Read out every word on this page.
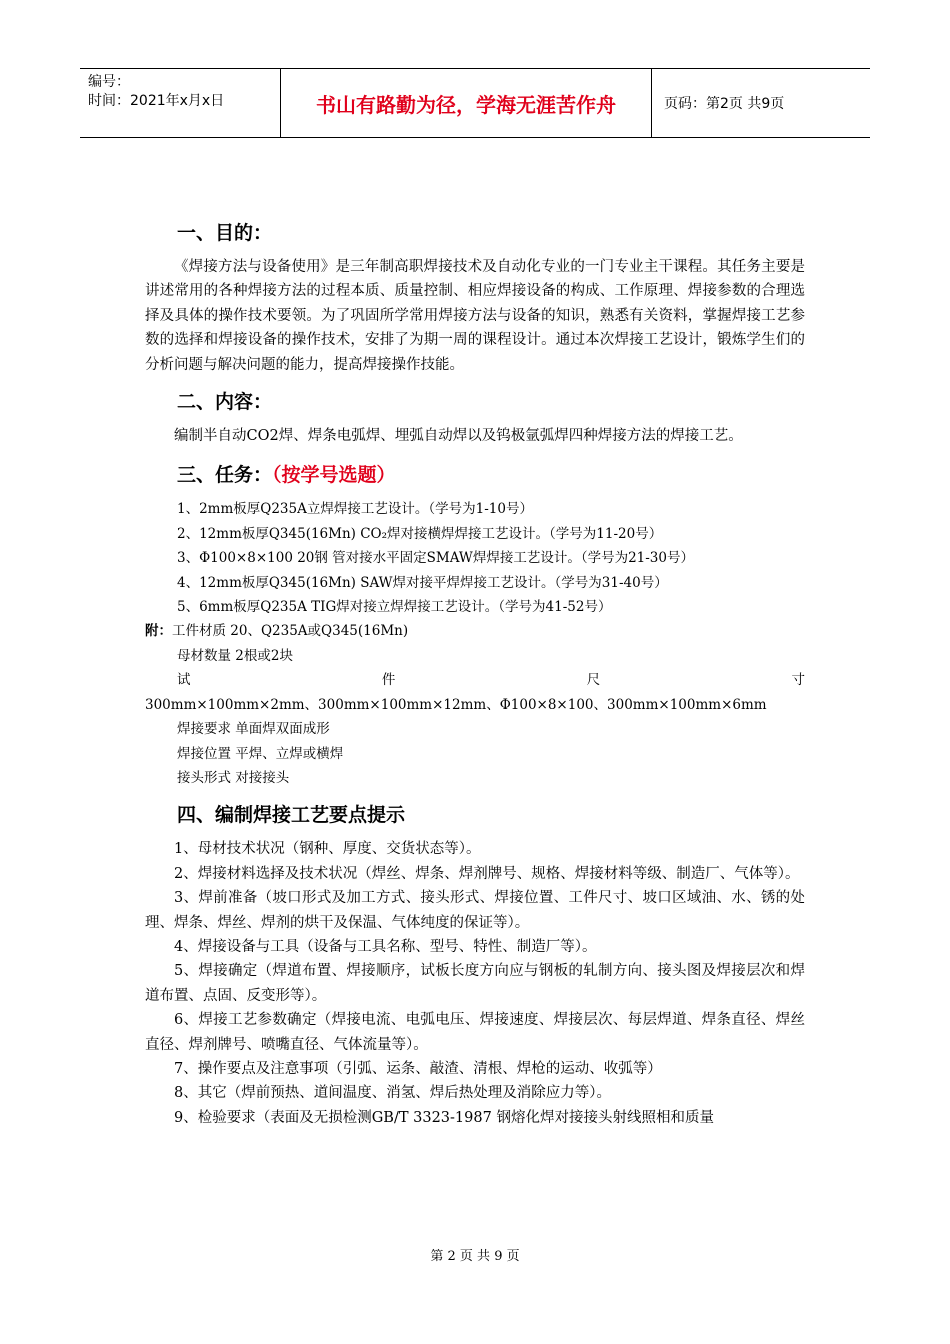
编号：
时间：2021年x月x日	书山有路勤为径，学海无涯苦作舟	页码：第2页 共9页
一、目的：

《焊接方法与设备使用》是三年制高职焊接技术及自动化专业的一门专业主干课程。其任务主要是讲述常用的各种焊接方法的过程本质、质量控制、相应焊接设备的构成、工作原理、焊接参数的合理选择及具体的操作技术要领。为了巩固所学常用焊接方法与设备的知识，熟悉有关资料，掌握焊接工艺参数的选择和焊接设备的操作技术，安排了为期一周的课程设计。通过本次焊接工艺设计，锻炼学生们的分析问题与解决问题的能力，提高焊接操作技能。

二、内容：

编制半自动CO2焊、焊条电弧焊、埋弧自动焊以及钨极氩弧焊四种焊接方法的焊接工艺。

三、任务：（按学号选题）
1、2mm板厚Q235A立焊焊接工艺设计。（学号为1-10号）
2、12mm板厚Q345(16Mn) CO₂焊对接横焊焊接工艺设计。（学号为11-20号）
3、Φ100×8×100 20钢 管对接水平固定SMAW焊焊接工艺设计。（学号为21-30号）
4、12mm板厚Q345(16Mn) SAW焊对接平焊焊接工艺设计。（学号为31-40号）
5、6mm板厚Q235A TIG焊对接立焊焊接工艺设计。（学号为41-52号）
附：工件材质 20、Q235A或Q345(16Mn)
母材数量 2根或2块
试	件	尺	寸
300mm×100mm×2mm、300mm×100mm×12mm、Φ100×8×100、300mm×100mm×6mm
焊接要求 单面焊双面成形
焊接位置 平焊、立焊或横焊
接头形式 对接接头
四、编制焊接工艺要点提示

1、母材技术状况（钢种、厚度、交货状态等）。

2、焊接材料选择及技术状况（焊丝、焊条、焊剂牌号、规格、焊接材料等级、制造厂、气体等）。

3、焊前准备（坡口形式及加工方式、接头形式、焊接位置、工件尺寸、坡口区域油、水、锈的处理、焊条、焊丝、焊剂的烘干及保温、气体纯度的保证等）。

4、焊接设备与工具（设备与工具名称、型号、特性、制造厂等）。

5、焊接确定（焊道布置、焊接顺序，试板长度方向应与钢板的轧制方向、接头图及焊接层次和焊道布置、点固、反变形等）。

6、焊接工艺参数确定（焊接电流、电弧电压、焊接速度、焊接层次、每层焊道、焊条直径、焊丝直径、焊剂牌号、喷嘴直径、气体流量等）。

7、操作要点及注意事项（引弧、运条、敲渣、清根、焊枪的运动、收弧等）

8、其它（焊前预热、道间温度、消氢、焊后热处理及消除应力等）。

9、检验要求（表面及无损检测GB/T 3323-1987 钢熔化焊对接接头射线照相和质量

第 2 页 共 9 页
